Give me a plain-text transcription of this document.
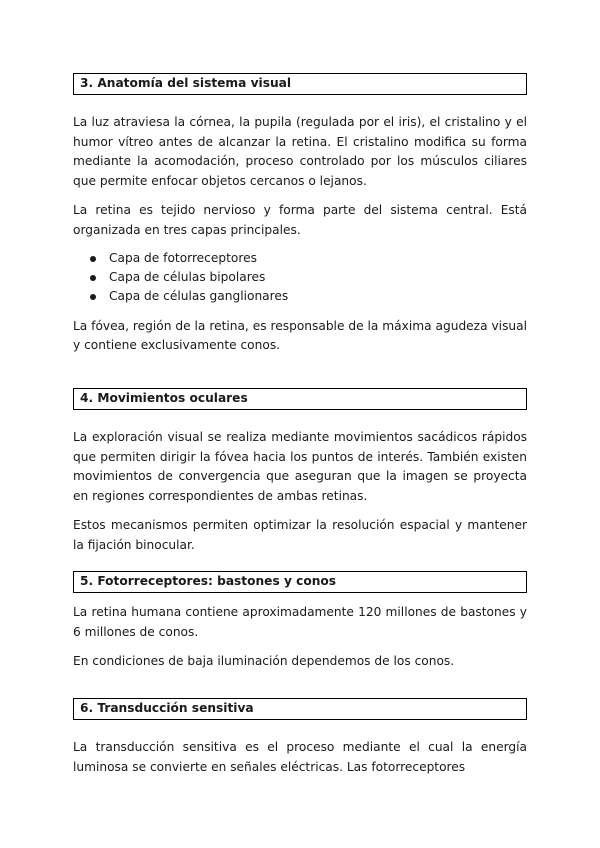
3. Anatomía del sistema visual

La luz atraviesa la córnea, la pupila (regulada por el iris), el cristalino y el humor vítreo antes de alcanzar la retina. El cristalino modifica su forma mediante la acomodación, proceso controlado por los músculos ciliares que permite enfocar objetos cercanos o lejanos.

La retina es tejido nervioso y forma parte del sistema central. Está organizada en tres capas principales.

Capa de fotorreceptores
Capa de células bipolares
Capa de células ganglionares

La fóvea, región de la retina, es responsable de la máxima agudeza visual y contiene exclusivamente conos.

4. Movimientos oculares

La exploración visual se realiza mediante movimientos sacádicos rápidos que permiten dirigir la fóvea hacia los puntos de interés. También existen movimientos de convergencia que aseguran que la imagen se proyecta en regiones correspondientes de ambas retinas.

Estos mecanismos permiten optimizar la resolución espacial y mantener la fijación binocular.

5. Fotorreceptores: bastones y conos

La retina humana contiene aproximadamente 120 millones de bastones y 6 millones de conos.

En condiciones de baja iluminación dependemos de los conos.

6. Transducción sensitiva

La transducción sensitiva es el proceso mediante el cual la energía luminosa se convierte en señales eléctricas. Las fotorreceptores
